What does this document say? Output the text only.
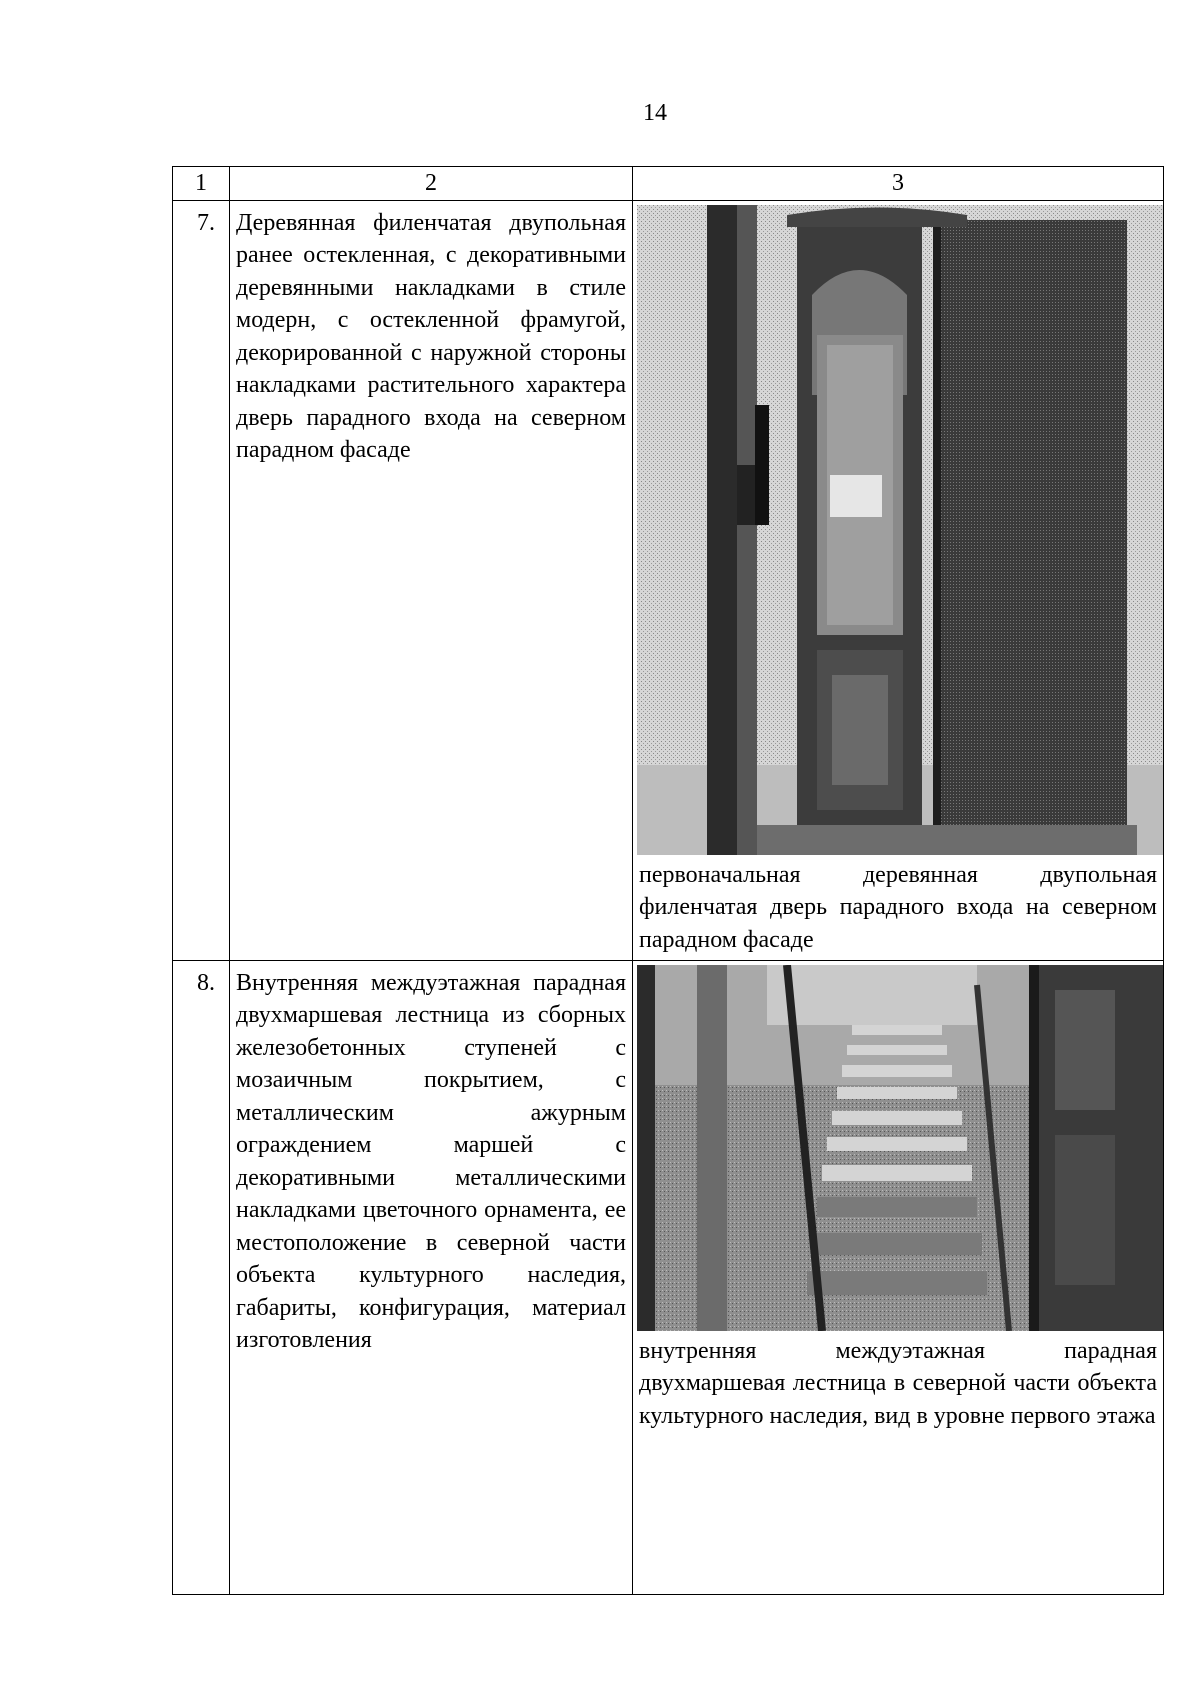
14
1	2	3
7.	Деревянная филенчатая двупольная ранее остекленная, с декоративными деревянными накладками в стиле модерн, с остекленной фрамугой, декорированной с наружной стороны накладками растительного характера дверь парадного входа на северном парадном фасаде	первоначальная деревянная двупольная филенчатая дверь парадного входа на северном парадном фасаде

8.	Внутренняя междуэтажная парадная двухмаршевая лестница из сборных железобетонных ступеней с мозаичным покрытием, с металлическим ажурным ограждением маршей с декоративными металлическими накладками цветочного орнамента, ее местоположение в северной части объекта культурного наследия, габариты, конфигурация, материал изготовления	внутренняя междуэтажная парадная двухмаршевая лестница в северной части объекта культурного наследия, вид в уровне первого этажа
